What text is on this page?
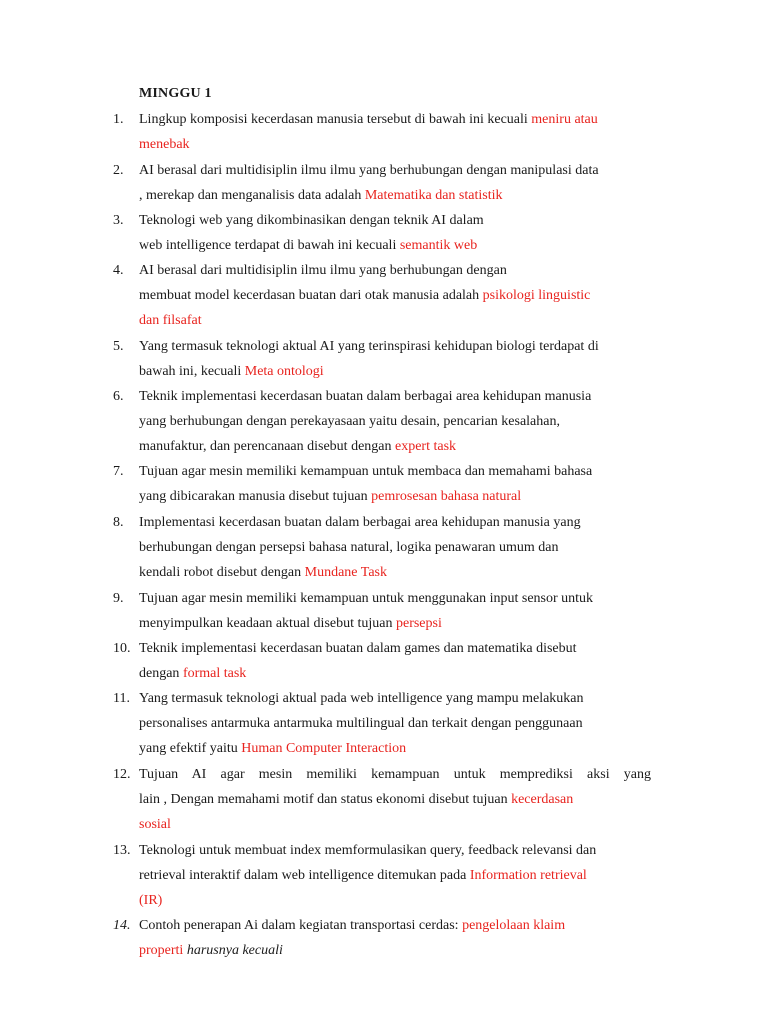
MINGGU 1
1.	Lingkup komposisi kecerdasan manusia tersebut di bawah ini kecuali meniru atau
menebak
2.	AI berasal dari multidisiplin ilmu ilmu yang berhubungan dengan manipulasi data
, merekap dan menganalisis data adalah Matematika dan statistik
3.	Teknologi web yang dikombinasikan dengan teknik AI dalam
web intelligence terdapat di bawah ini kecuali semantik web
4.	AI berasal dari multidisiplin ilmu ilmu yang berhubungan dengan
membuat model kecerdasan buatan dari otak manusia adalah psikologi linguistic
dan filsafat
5.	Yang termasuk teknologi aktual AI yang terinspirasi kehidupan biologi terdapat di
bawah ini, kecuali Meta ontologi
6.	Teknik implementasi kecerdasan buatan dalam berbagai area kehidupan manusia
yang berhubungan dengan perekayasaan yaitu desain, pencarian kesalahan,
manufaktur, dan perencanaan disebut dengan expert task
7.	Tujuan agar mesin memiliki kemampuan untuk membaca dan memahami bahasa
yang dibicarakan manusia disebut tujuan pemrosesan bahasa natural
8.	Implementasi kecerdasan buatan dalam berbagai area kehidupan manusia yang
berhubungan dengan persepsi bahasa natural, logika penawaran umum dan
kendali robot disebut dengan Mundane Task
9.	Tujuan agar mesin memiliki kemampuan untuk menggunakan input sensor untuk
menyimpulkan keadaan aktual disebut tujuan persepsi
10. Teknik implementasi kecerdasan buatan dalam games dan matematika disebut
dengan formal task
11. Yang termasuk teknologi aktual pada web intelligence yang mampu melakukan
personalises antarmuka antarmuka multilingual dan terkait dengan penggunaan
yang efektif yaitu Human Computer Interaction
12. Tujuan AI agar mesin memiliki kemampuan untuk memprediksi aksi yang
lain , Dengan memahami motif dan status ekonomi disebut tujuan kecerdasan
sosial
13. Teknologi untuk membuat index memformulasikan query, feedback relevansi dan
retrieval interaktif dalam web intelligence ditemukan pada Information retrieval
(IR)
14. Contoh penerapan Ai dalam kegiatan transportasi cerdas: pengelolaan klaim
properti harusnya kecuali
